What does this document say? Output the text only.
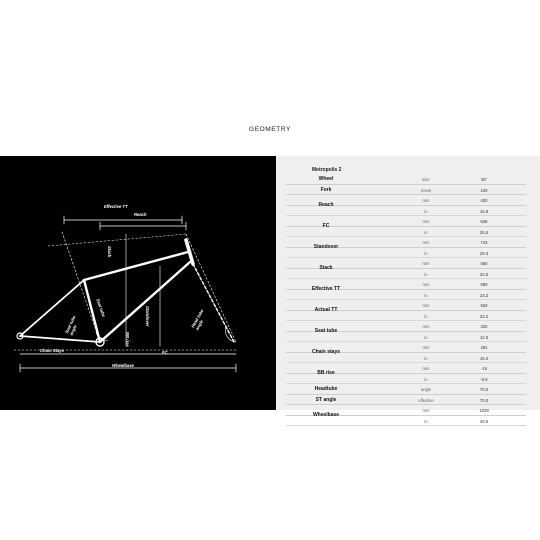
GEOMETRY
Effective TT
Reach
Stack
Standover
Seat tube
Seat tube
angle
Head tube
angle
BB rise
Chain Stays	FC
Wheelbase
Metropolis 2
Wheel	size	26"
Fork	travel	100
Reach
mm	403
in	15.9
FC
mm	648
in	25.5
Standover
mm	743
in	29.3
Stack
mm	560
in	22.0
Effective TT
mm	590
in	23.2
Actual TT
mm	563
in	22.2
Seat tube
mm	320
in	12.6
Chain stays
mm	381
in	15.0
BB rise
mm	-15
in	-0.6
Headtube	angle	70.0
ST angle	effective	70.0
Wheelbase
mm	1029
in	40.5
